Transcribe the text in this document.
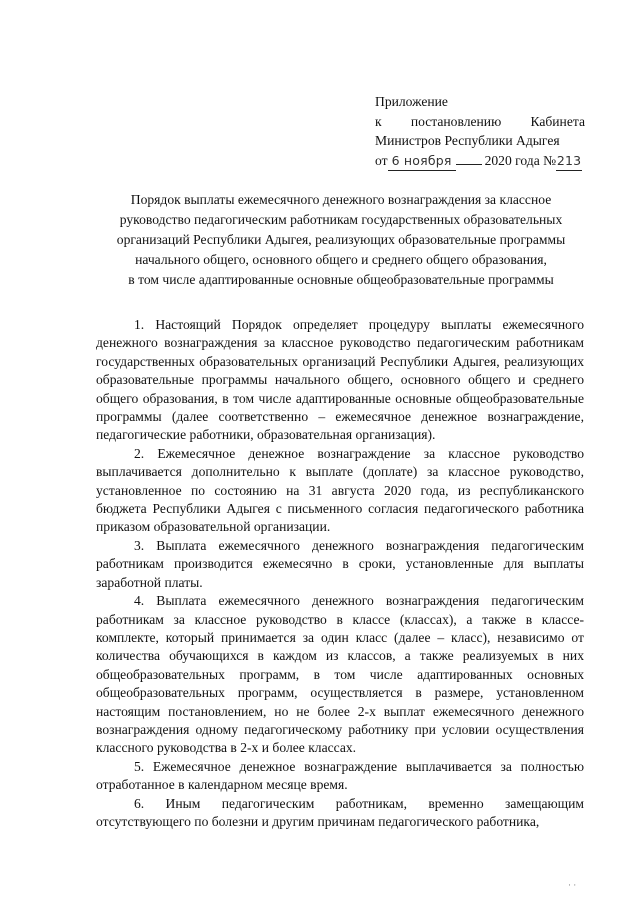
Приложение
к постановлению Кабинета
Министров Республики Адыгея
от 6 ноября 2020 года № 213
Порядок выплаты ежемесячного денежного вознаграждения за классное
руководство педагогическим работникам государственных образовательных
организаций Республики Адыгея, реализующих образовательные программы
начального общего, основного общего и среднего общего образования,
в том числе адаптированные основные общеобразовательные программы

1. Настоящий Порядок определяет процедуру выплаты ежемесячного денежного вознаграждения за классное руководство педагогическим работникам государственных образовательных организаций Республики Адыгея, реализующих образовательные программы начального общего, основного общего и среднего общего образования, в том числе адаптированные основные общеобразовательные программы (далее соответственно – ежемесячное денежное вознаграждение, педагогические работники, образовательная организация).

2. Ежемесячное денежное вознаграждение за классное руководство выплачивается дополнительно к выплате (доплате) за классное руководство, установленное по состоянию на 31 августа 2020 года, из республиканского бюджета Республики Адыгея с письменного согласия педагогического работника приказом образовательной организации.

3. Выплата ежемесячного денежного вознаграждения педагогическим работникам производится ежемесячно в сроки, установленные для выплаты заработной платы.

4. Выплата ежемесячного денежного вознаграждения педагогическим работникам за классное руководство в классе (классах), а также в классе-комплекте, который принимается за один класс (далее – класс), независимо от количества обучающихся в каждом из классов, а также реализуемых в них общеобразовательных программ, в том числе адаптированных основных общеобразовательных программ, осуществляется в размере, установленном настоящим постановлением, но не более 2-х выплат ежемесячного денежного вознаграждения одному педагогическому работнику при условии осуществления классного руководства в 2-х и более классах.

5. Ежемесячное денежное вознаграждение выплачивается за полностью отработанное в календарном месяце время.

6. Иным педагогическим работникам, временно замещающим отсутствующего по болезни и другим причинам педагогического работника,

· ·
